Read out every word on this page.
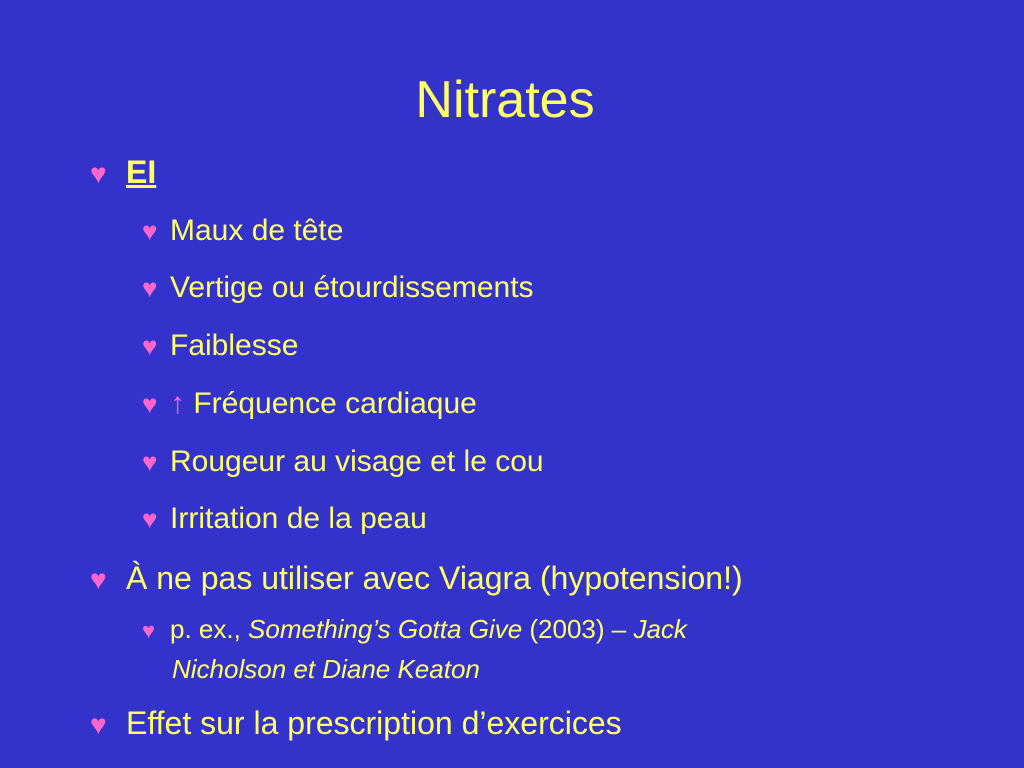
Nitrates
♥ EI
♥ Maux de tête
♥ Vertige ou étourdissements
♥ Faiblesse
♥ ↑ Fréquence cardiaque
♥ Rougeur au visage et le cou
♥ Irritation de la peau
♥ À ne pas utiliser avec Viagra (hypotension!)
♥ p. ex., Something’s Gotta Give (2003) – Jack
Nicholson et Diane Keaton
♥ Effet sur la prescription d’exercices
